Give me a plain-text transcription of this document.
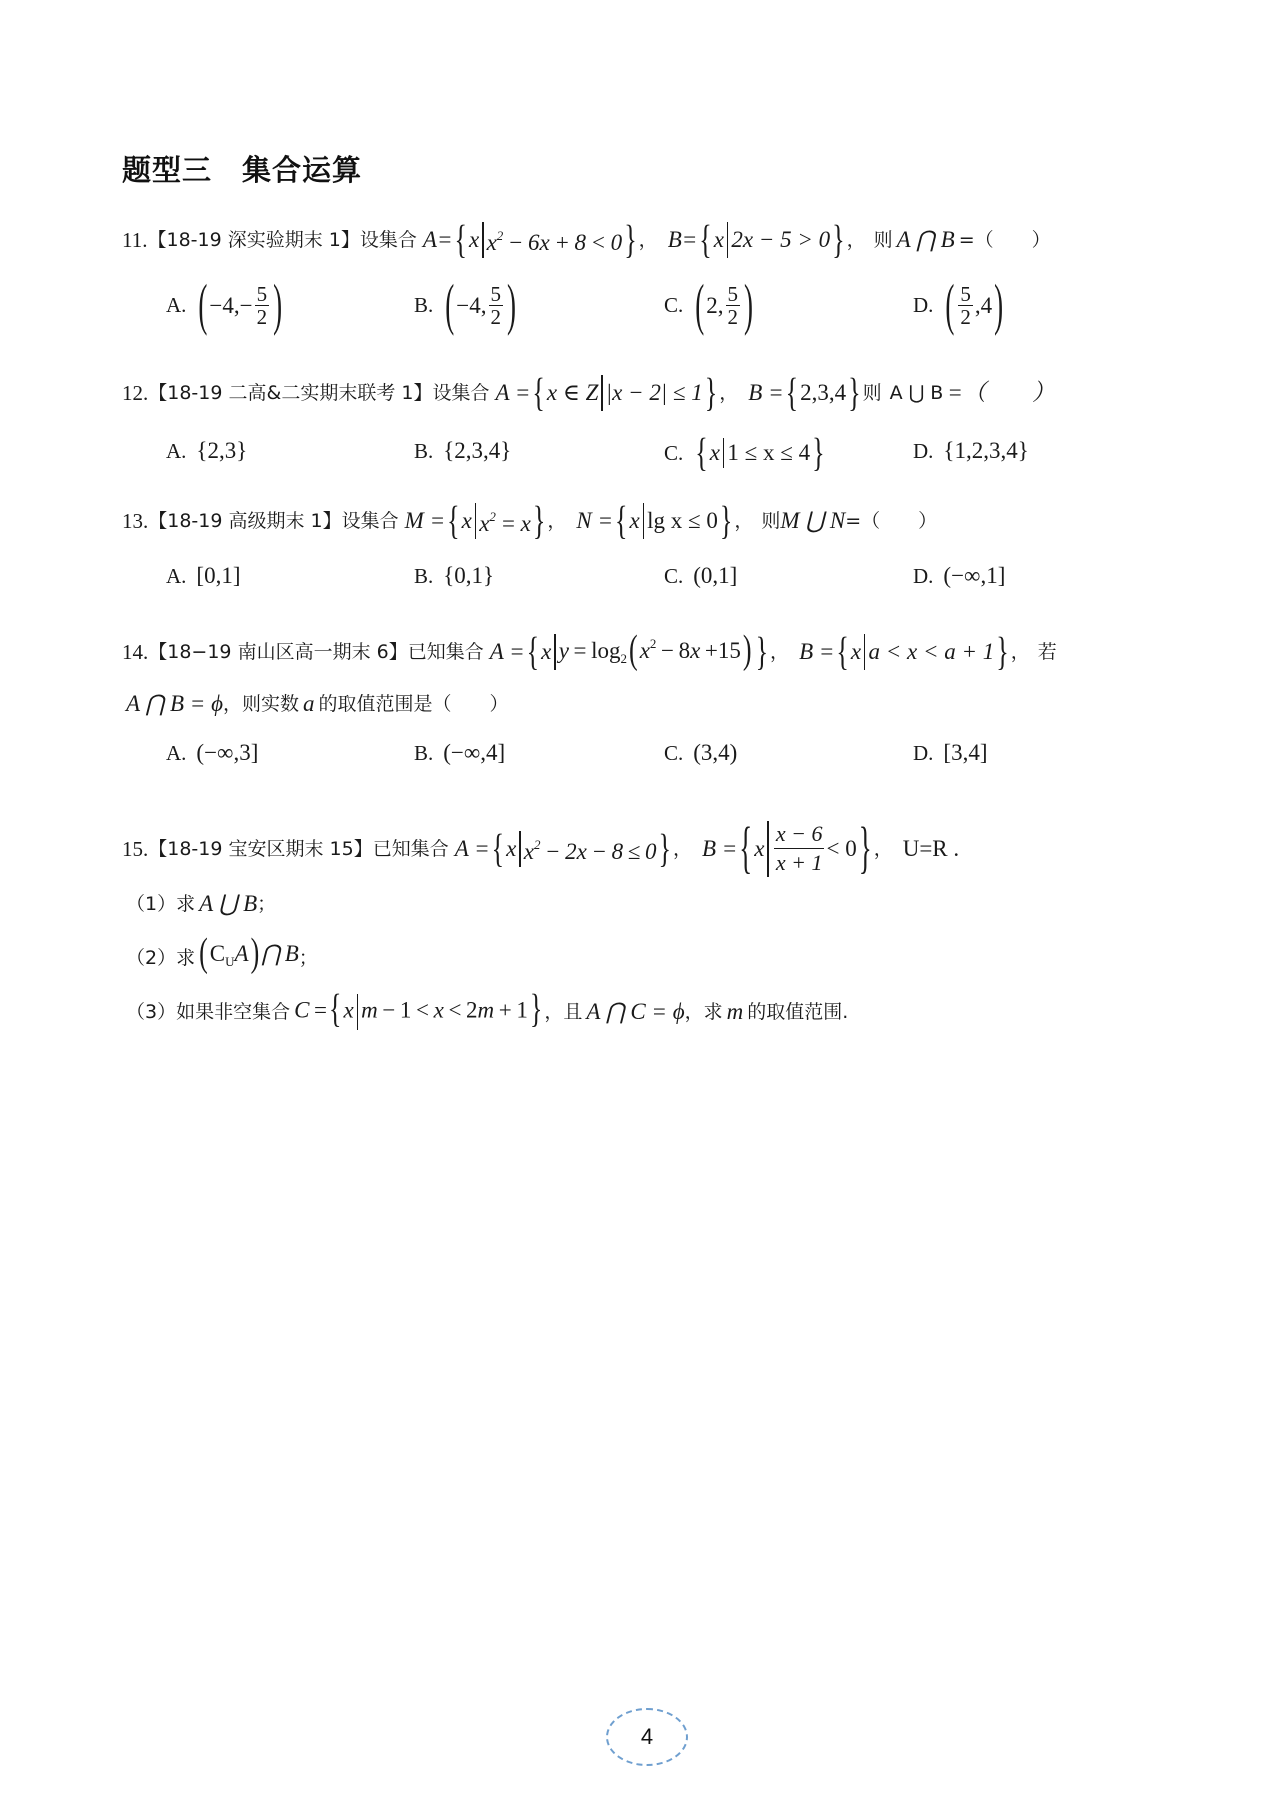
题型三　集合运算
11. 【18-19 深实验期末 1】 设集合 A= { x $x^2 - 6x + 8 < 0$ } ， B= { x 2x − 5 > 0 } ， 则 A ⋂ B =（　　）
A. ( $-4,- \frac{5}{2}$ )	B. ( −4, $\frac{5}{2}$ )	C. ( 2, $\frac{5}{2}$ )	D. ( $\frac{5}{2} ,4$ )
12. 【18-19 二高&二实期末联考 1】 设集合 A = { x ∈ Z |x − 2| ≤ 1 } ， B = { 2,3,4 } 则 A ⋃ B =（　　）
A. {2,3}	B. {2,3,4}	C. { x 1 ≤ x ≤ 4 }	D. {1,2,3,4}
13. 【18-19 高级期末 1】 设集合 M = { x $x^2 = x$ } ， N = { x lg x ≤ 0 } ， 则 M ⋃ N =（　　）
A. [0,1]	B. {0,1}	C. (0,1]	D. (−∞,1]
14. 【18−19 南山区高一期末 6】 已知集合 A = { x $y = \log_2(x^2 - 8x +15)$ } ， B = { x a < x < a + 1 } ， 若
A ⋂ B = ϕ ，则实数 a 的取值范围是（　　）
A. (−∞,3]	B. (−∞,4]	C. (3,4)	D. [3,4]
15. 【18-19 宝安区期末 15】 已知集合 A = { x $x^2 - 2x - 8 \le 0$ } ， B = { x $\frac{x - 6}{x + 1} < 0$ } ， U=R .
（1） 求 A ⋃ B ；
（2） 求 $(C_UA)⋂$ B ；
（3） 如果非空集合 C ={x m − 1 < x < 2m + 1} ，且 A ⋂ C = ϕ ，求 m 的取值范围.
4
